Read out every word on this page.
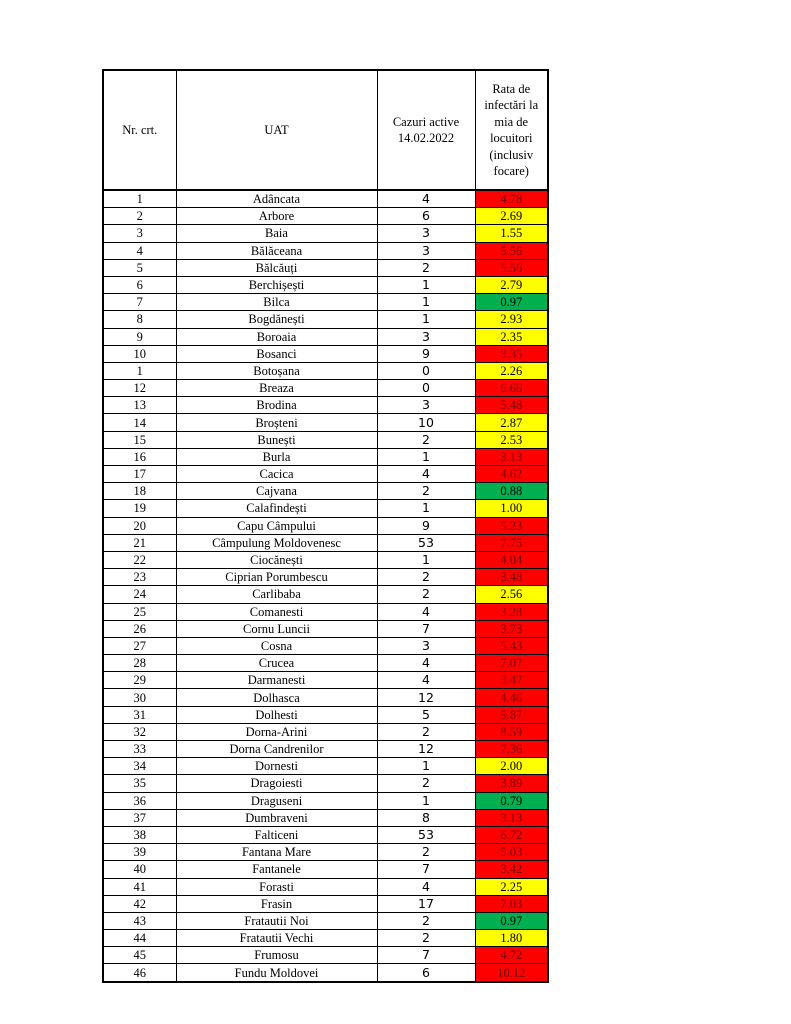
Nr. crt.	UAT	Cazuri active 14.02.2022	Rata de infectări la mia de locuitori (inclusiv focare)
1	Adâncata	4	4.78
2	Arbore	6	2.69
3	Baia	3	1.55
4	Bălăceana	3	5.56
5	Bălcăuți	2	5.56
6	Berchișești	1	2.79
7	Bilca	1	0.97
8	Bogdănești	1	2.93
9	Boroaia	3	2.35
10	Bosanci	9	3.35
1	Botoșana	0	2.26
12	Breaza	0	6.66
13	Brodina	3	5.48
14	Broșteni	10	2.87
15	Bunești	2	2.53
16	Burla	1	3.13
17	Cacica	4	4.62
18	Cajvana	2	0.88
19	Calafindești	1	1.00
20	Capu Câmpului	9	5.23
21	Câmpulung Moldovenesc	53	7.75
22	Ciocănești	1	4.04
23	Ciprian Porumbescu	2	3.48
24	Carlibaba	2	2.56
25	Comanesti	4	3.28
26	Cornu Luncii	7	3.73
27	Cosna	3	5.43
28	Crucea	4	7.07
29	Darmanesti	4	3.47
30	Dolhasca	12	4.46
31	Dolhesti	5	5.87
32	Dorna-Arini	2	8.59
33	Dorna Candrenilor	12	7.36
34	Dornesti	1	2.00
35	Dragoiesti	2	3.89
36	Draguseni	1	0.79
37	Dumbraveni	8	3.13
38	Falticeni	53	6.72
39	Fantana Mare	2	5.03
40	Fantanele	7	3.42
41	Forasti	4	2.25
42	Frasin	17	7.03
43	Fratautii Noi	2	0.97
44	Fratautii Vechi	2	1.80
45	Frumosu	7	4.72
46	Fundu Moldovei	6	10.12
